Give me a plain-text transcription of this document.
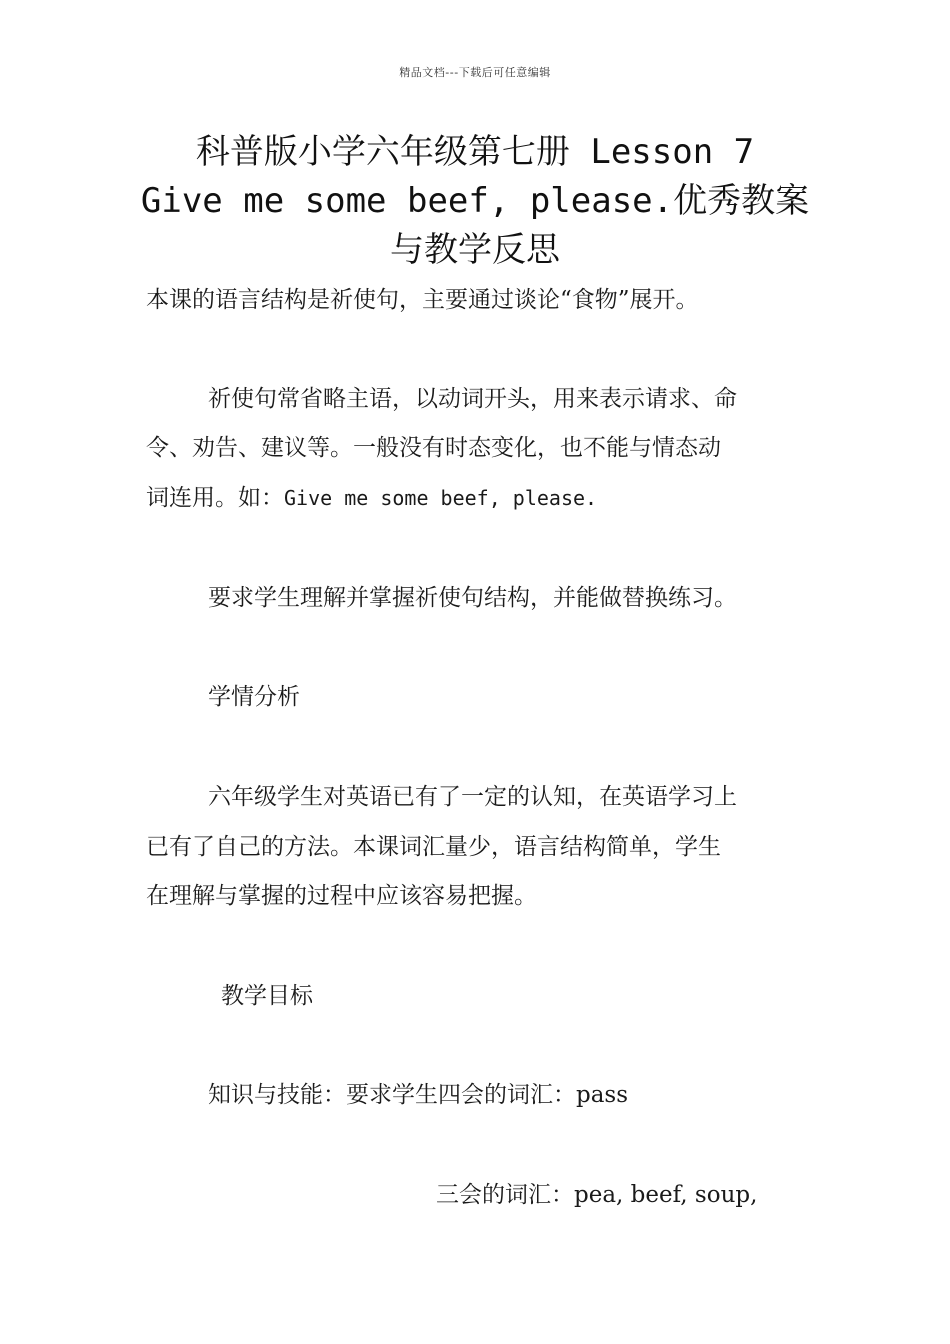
精品文档---下载后可任意编辑
科普版小学六年级第七册 Lesson 7
Give me some beef, please.优秀教案
与教学反思

本课的语言结构是祈使句，主要通过谈论“食物”展开。

祈使句常省略主语，以动词开头，用来表示请求、命

令、劝告、建议等。一般没有时态变化，也不能与情态动

词连用。如：Give me some beef, please.

要求学生理解并掌握祈使句结构，并能做替换练习。

学情分析

六年级学生对英语已有了一定的认知，在英语学习上

已有了自己的方法。本课词汇量少，语言结构简单，学生

在理解与掌握的过程中应该容易把握。

教学目标

知识与技能：要求学生四会的词汇：pass

三会的词汇：pea, beef, soup,
